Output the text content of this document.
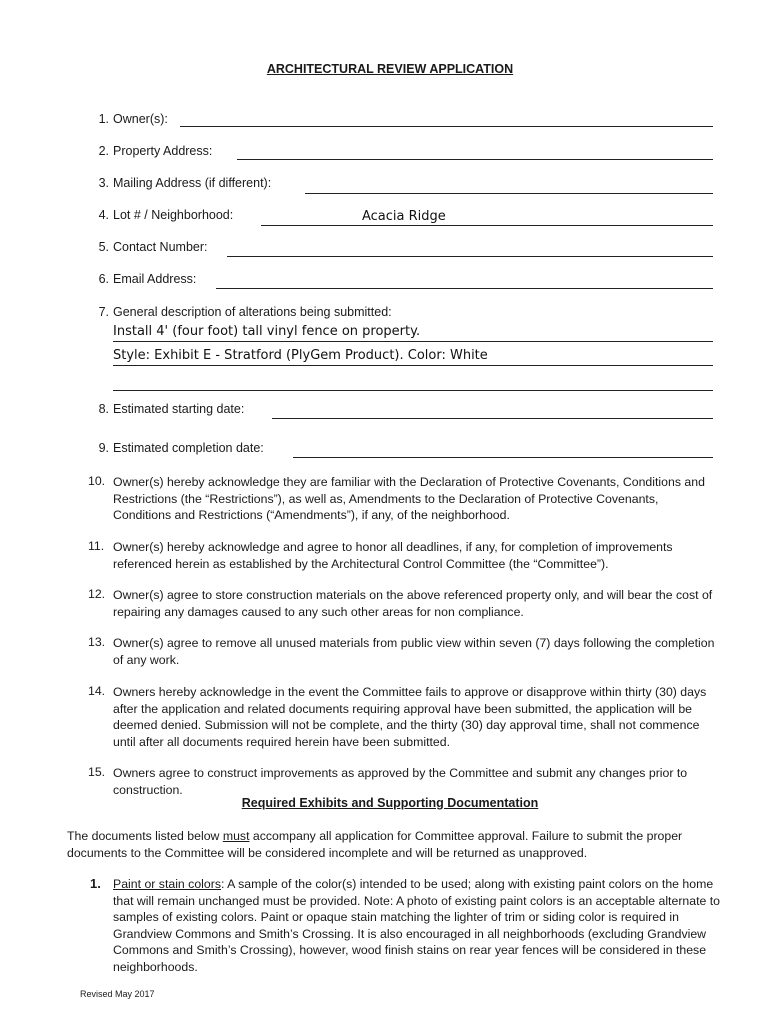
ARCHITECTURAL REVIEW APPLICATION
1. Owner(s):
2. Property Address:
3. Mailing Address (if different):
4. Lot # / Neighborhood:	Acacia Ridge
5. Contact Number:
6. Email Address:
7. General description of alterations being submitted:
Install 4' (four foot) tall vinyl fence on property.
Style: Exhibit E - Stratford (PlyGem Product). Color: White
8. Estimated starting date:
9. Estimated completion date:
10. Owner(s) hereby acknowledge they are familiar with the Declaration of Protective Covenants, Conditions and Restrictions (the “Restrictions”), as well as, Amendments to the Declaration of Protective Covenants, Conditions and Restrictions (“Amendments”), if any, of the neighborhood.
11. Owner(s) hereby acknowledge and agree to honor all deadlines, if any, for completion of improvements referenced herein as established by the Architectural Control Committee (the “Committee”).
12. Owner(s) agree to store construction materials on the above referenced property only, and will bear the cost of repairing any damages caused to any such other areas for non compliance.
13. Owner(s) agree to remove all unused materials from public view within seven (7) days following the completion of any work.
14. Owners hereby acknowledge in the event the Committee fails to approve or disapprove within thirty (30) days after the application and related documents requiring approval have been submitted, the application will be deemed denied. Submission will not be complete, and the thirty (30) day approval time, shall not commence until after all documents required herein have been submitted.
15. Owners agree to construct improvements as approved by the Committee and submit any changes prior to construction.
Required Exhibits and Supporting Documentation
The documents listed below must accompany all application for Committee approval. Failure to submit the proper documents to the Committee will be considered incomplete and will be returned as unapproved.
1. Paint or stain colors: A sample of the color(s) intended to be used; along with existing paint colors on the home that will remain unchanged must be provided. Note: A photo of existing paint colors is an acceptable alternate to samples of existing colors. Paint or opaque stain matching the lighter of trim or siding color is required in Grandview Commons and Smith’s Crossing. It is also encouraged in all neighborhoods (excluding Grandview Commons and Smith’s Crossing), however, wood finish stains on rear year fences will be considered in these neighborhoods.
Revised May 2017
